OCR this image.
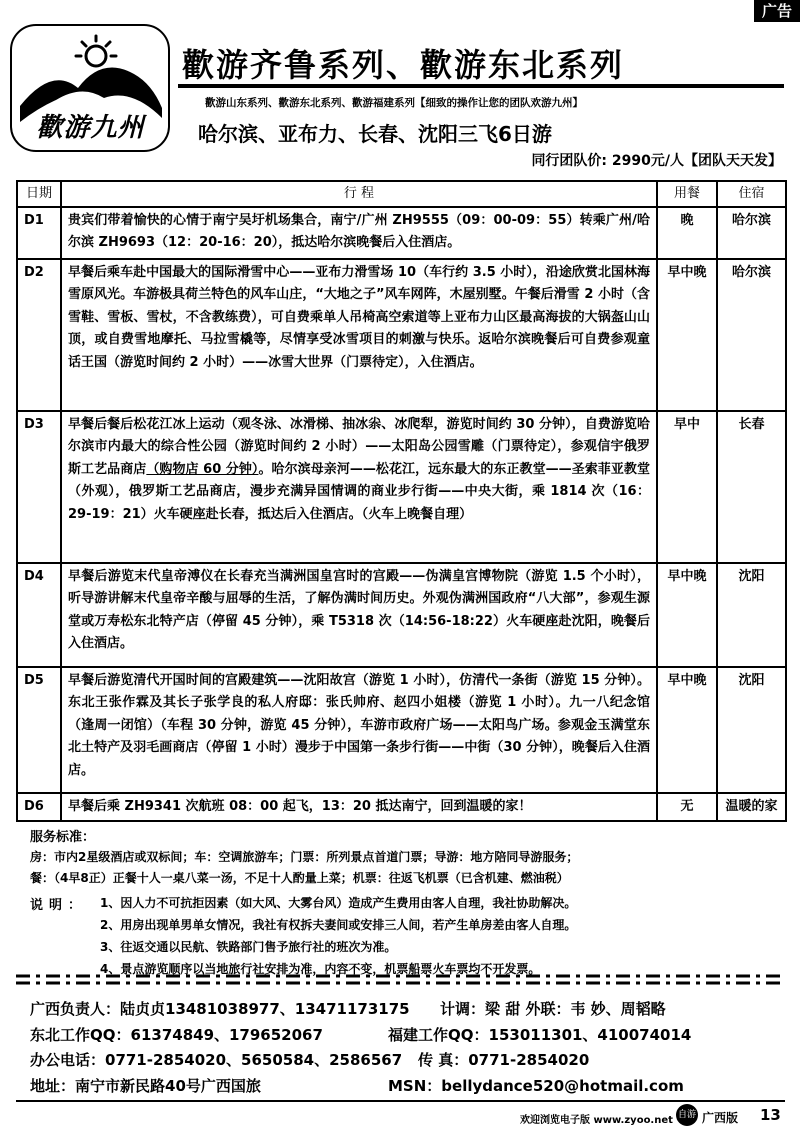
广告
歡游九州
歡游齐鲁系列、歡游东北系列
歡游山东系列、歡游东北系列、歡游福建系列【细致的操作让您的团队欢游九州】
哈尔滨、亚布力、长春、沈阳三飞6日游
同行团队价: 2990元/人【团队天天发】
日期	行 程	用餐	住宿
D1	贵宾们带着愉快的心情于南宁吴圩机场集合，南宁/广州 ZH9555（09：00-09：55）转乘广州/哈尔滨 ZH9693（12：20-16：20），抵达哈尔滨晚餐后入住酒店。	晚	哈尔滨
D2	早餐后乘车赴中国最大的国际滑雪中心——亚布力滑雪场 10（车行约 3.5 小时），沿途欣赏北国林海雪原风光。车游极具荷兰特色的风车山庄，“大地之子”风车网阵，木屋别墅。午餐后滑雪 2 小时（含雪鞋、雪板、雪杖，不含教练费），可自费乘单人吊椅高空索道等上亚布力山区最高海拔的大锅盔山山顶，或自费雪地摩托、马拉雪橇等，尽情享受冰雪项目的刺激与快乐。返哈尔滨晚餐后可自费参观童话王国（游览时间约 2 小时）——冰雪大世界（门票待定），入住酒店。	早中晚	哈尔滨
D3	早餐后餐后松花江冰上运动（观冬泳、冰滑梯、抽冰尜、冰爬犁，游览时间约 30 分钟），自费游览哈尔滨市内最大的综合性公园（游览时间约 2 小时）——太阳岛公园雪雕（门票待定），参观信宇俄罗斯工艺品商店（购物店 60 分钟）。哈尔滨母亲河——松花江，远东最大的东正教堂——圣索菲亚教堂（外观），俄罗斯工艺品商店，漫步充满异国情调的商业步行街——中央大街，乘 1814 次（16：29-19：21）火车硬座赴长春，抵达后入住酒店。（火车上晚餐自理）	早中	长春
D4	早餐后游览末代皇帝溥仪在长春充当满洲国皇宫时的宫殿——伪满皇宫博物院（游览 1.5 个小时），听导游讲解末代皇帝辛酸与屈辱的生活，了解伪满时间历史。外观伪满洲国政府“八大部”，参观生源堂或万寿松东北特产店（停留 45 分钟），乘 T5318 次（14:56-18:22）火车硬座赴沈阳，晚餐后入住酒店。	早中晚	沈阳
D5	早餐后游览清代开国时间的宫殿建筑——沈阳故宫（游览 1 小时），仿清代一条街（游览 15 分钟）。东北王张作霖及其长子张学良的私人府邸：张氏帅府、赵四小姐楼（游览 1 小时）。九一八纪念馆（逢周一闭馆）（车程 30 分钟，游览 45 分钟），车游市政府广场——太阳鸟广场。参观金玉满堂东北土特产及羽毛画商店（停留 1 小时）漫步于中国第一条步行街——中街（30 分钟），晚餐后入住酒店。	早中晚	沈阳
D6	早餐后乘 ZH9341 次航班 08：00 起飞，13：20 抵达南宁，回到温暖的家！	无	温暖的家
服务标准：
房：市内2星级酒店或双标间；车：空调旅游车；门票：所列景点首道门票；导游：地方陪同导游服务；
餐：（4早8正）正餐十人一桌八菜一汤，不足十人酌量上菜；机票：往返飞机票（已含机建、燃油税）
说明： 1、因人力不可抗拒因素（如大风、大雾台风）造成产生费用由客人自理，我社协助解决。
2、用房出现单男单女情况，我社有权拆夫妻间或安排三人间，若产生单房差由客人自理。
3、往返交通以民航、铁路部门售予旅行社的班次为准。
4、景点游览顺序以当地旅行社安排为准，内容不变，机票船票火车票均不开发票。
广西负责人：陆贞贞13481038977、13471173175 计调：梁 甜 外联：韦 妙、周韬略
东北工作QQ：61374849、179652067	福建工作QQ：153011301、410074014
办公电话：0771-2854020、5650584、2586567 传 真：0771-2854020
地址：南宁市新民路40号广西国旅	MSN：bellydance520@hotmail.com
欢迎浏览电子版 www.zyoo.net 自游 广西版 13
